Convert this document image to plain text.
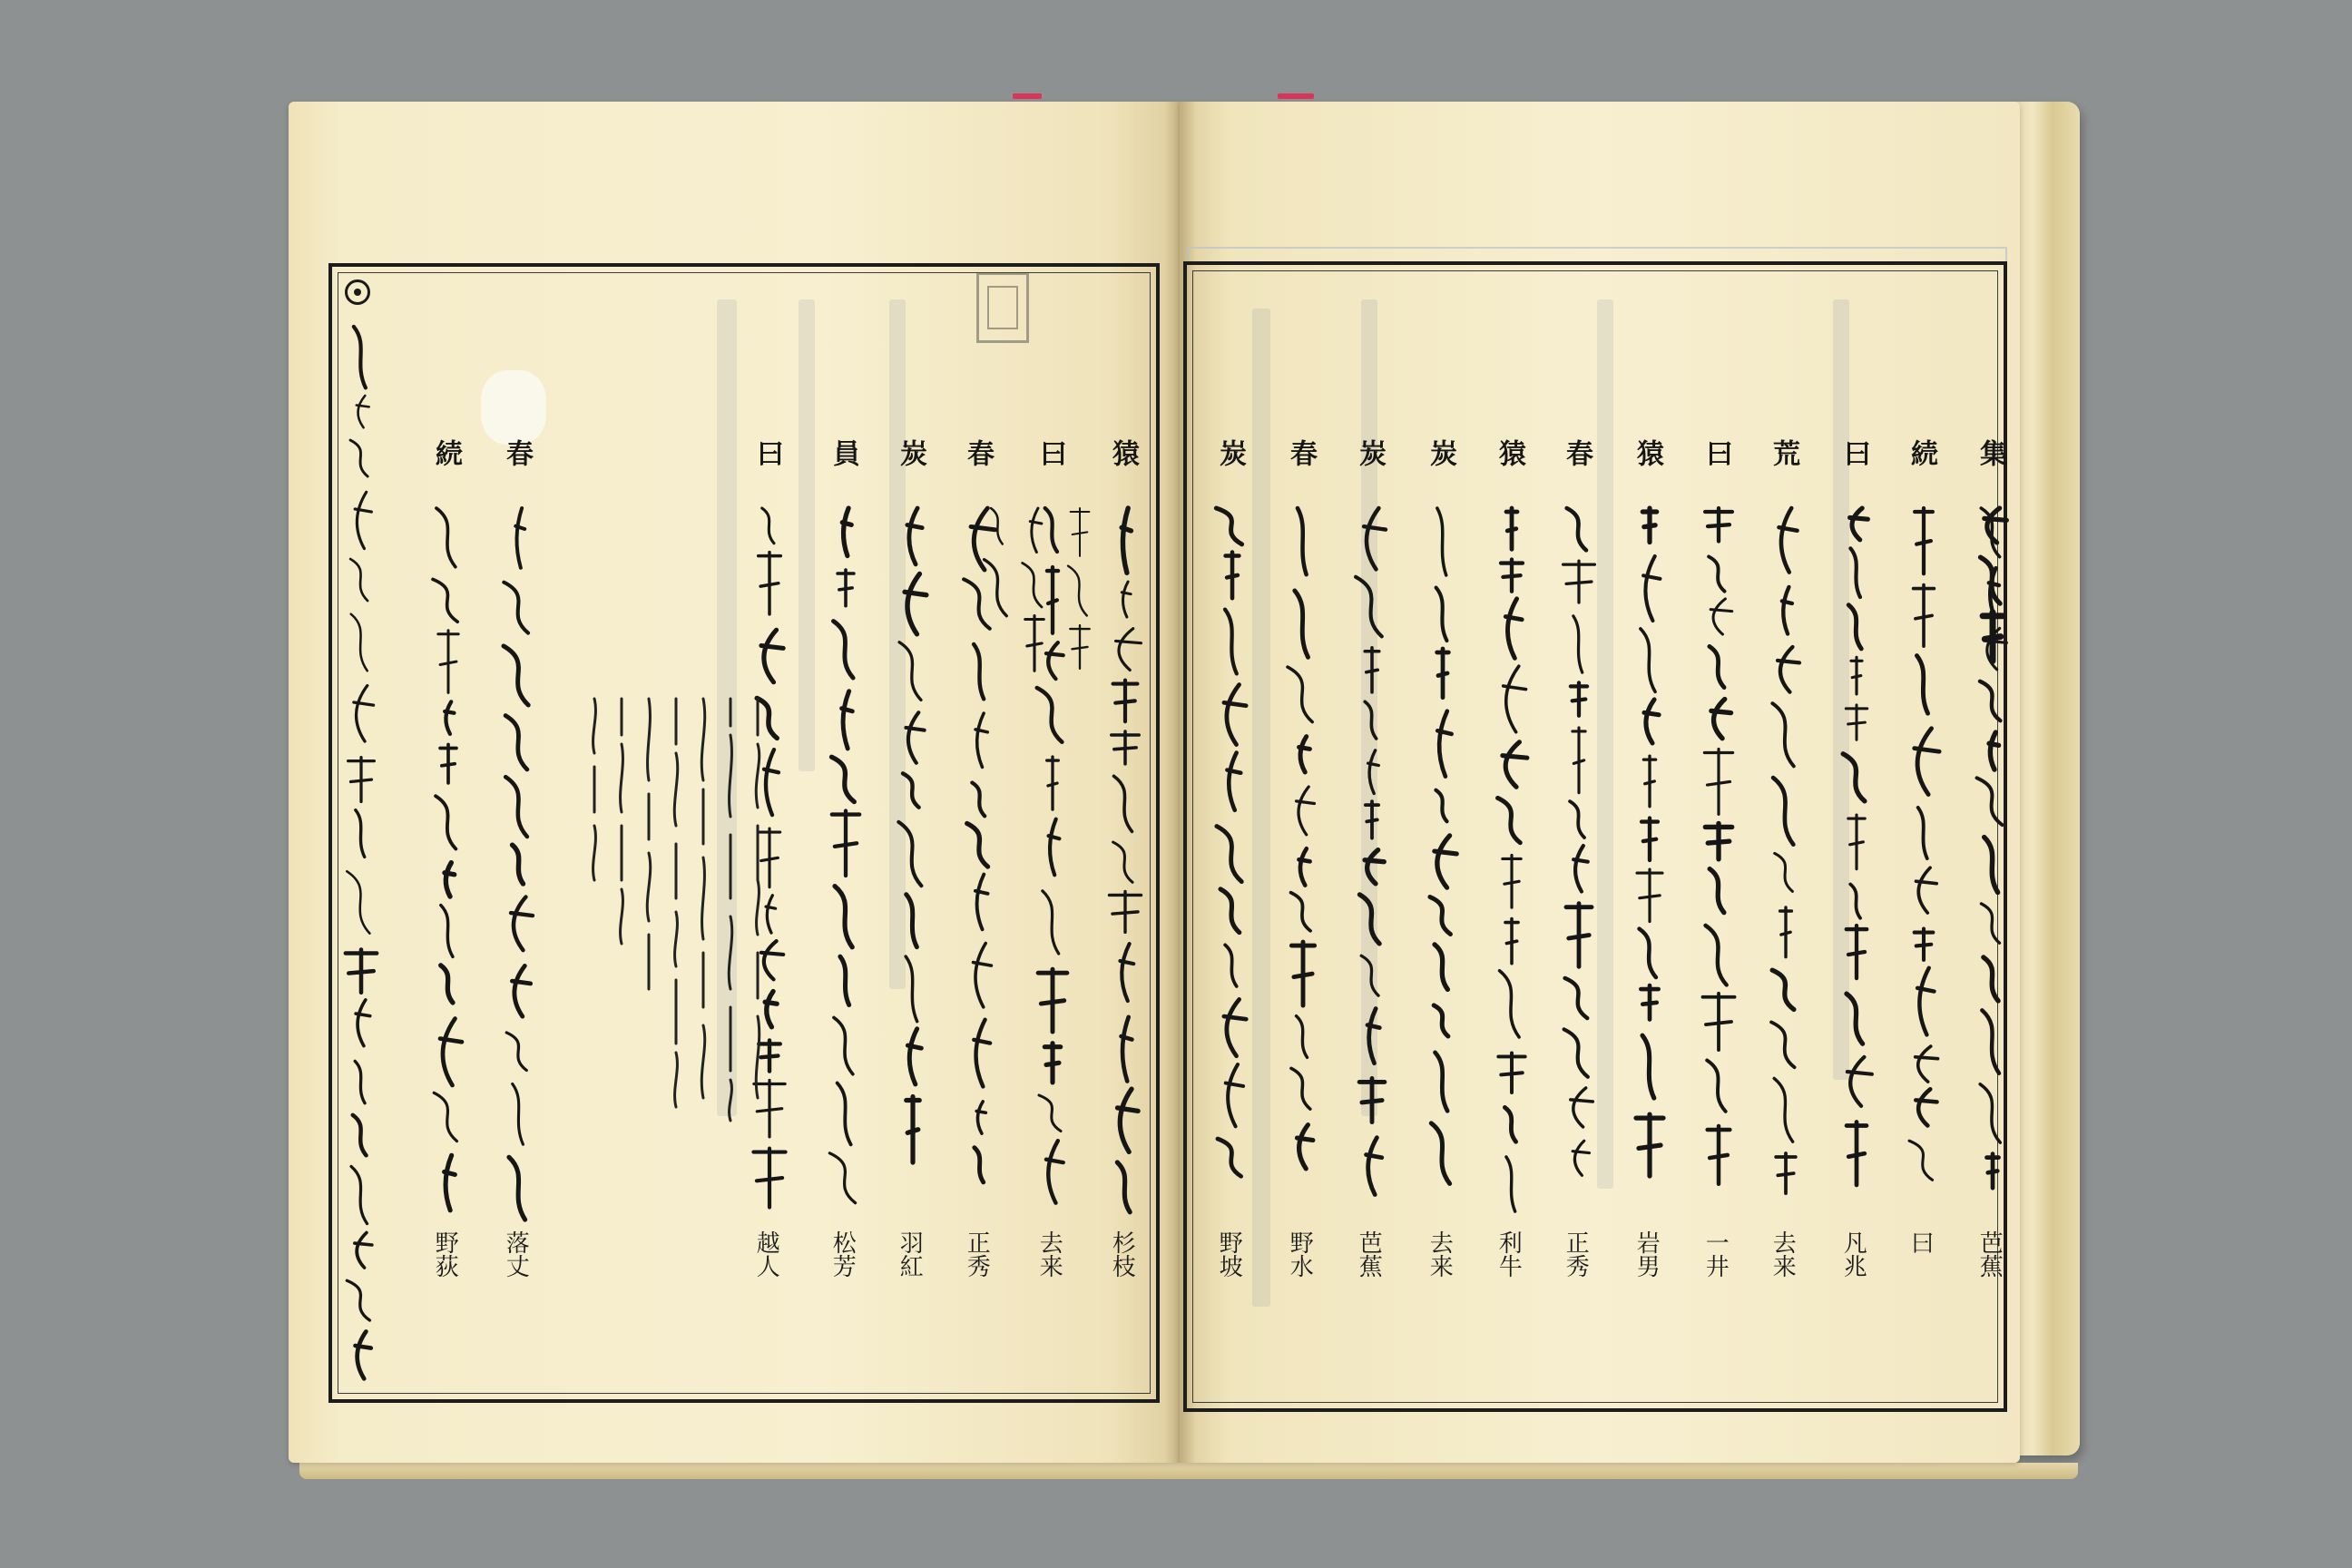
集
続
曰
荒
曰
猿
春
猿
炭
炭
春
炭
芭蕉
曰
凡兆
去来
一井
岩男
正秀
利牛
去来
芭蕉
野水
野坡
猿
曰
春
炭
員
曰
春
続
杉枝
去来
正秀
羽紅
松芳
越人
落丈
野荻
